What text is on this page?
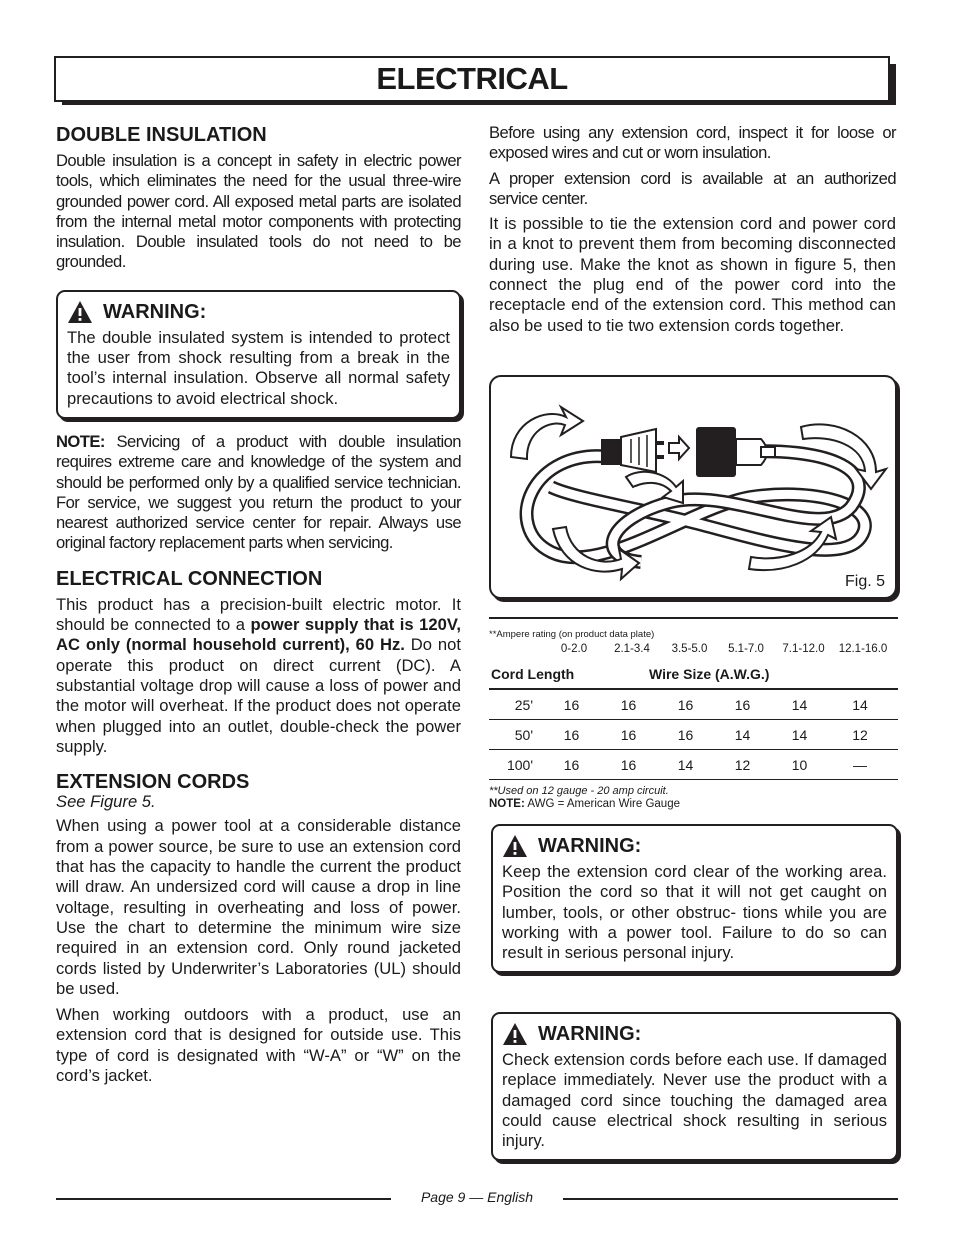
ELECTRICAL
DOUBLE INSULATION

Double insulation is a concept in safety in electric power tools, which eliminates the need for the usual three-wire grounded power cord. All exposed metal parts are isolated from the internal metal motor components with protecting insulation. Double insulated tools do not need to be grounded.

WARNING:

The double insulated system is intended to protect the user from shock resulting from a break in the tool’s internal insulation. Observe all normal safety precautions to avoid electrical shock.

NOTE: Servicing of a product with double insulation requires extreme care and knowledge of the system and should be performed only by a qualified service technician. For service, we suggest you return the product to your nearest authorized service center for repair. Always use original factory replacement parts when servicing.

ELECTRICAL CONNECTION

This product has a precision-built electric motor. It should be connected to a power supply that is 120V, AC only (normal household current), 60 Hz. Do not operate this product on direct current (DC). A substantial voltage drop will cause a loss of power and the motor will overheat. If the product does not operate when plugged into an outlet, double-check the power supply.

EXTENSION CORDS

See Figure 5.

When using a power tool at a considerable distance from a power source, be sure to use an extension cord that has the capacity to handle the current the product will draw. An undersized cord will cause a drop in line voltage, resulting in overheating and loss of power. Use the chart to determine the minimum wire size required in an extension cord. Only round jacketed cords listed by Underwriter’s Laboratories (UL) should be used.

When working outdoors with a product, use an extension cord that is designed for outside use. This type of cord is designated with “W-A” or “W” on the cord’s jacket.

Before using any extension cord, inspect it for loose or exposed wires and cut or worn insulation.

A proper extension cord is available at an authorized service center.

It is possible to tie the extension cord and power cord in a knot to prevent them from becoming disconnected during use. Make the knot as shown in figure 5, then connect the plug end of the power cord into the receptacle end of the extension cord. This method can also be used to tie two extension cords together.

Fig. 5
**Ampere rating (on product data plate)
0-2.0	2.1-3.4	3.5-5.0	5.1-7.0	7.1-12.0	12.1-16.0
Cord Length	Wire Size (A.W.G.)
25'	16	16	16	16	14	14
50'	16	16	16	14	14	12
100'	16	16	14	12	10	—
**Used on 12 gauge - 20 amp circuit.
NOTE: AWG = American Wire Gauge
WARNING:

Keep the extension cord clear of the working area. Position the cord so that it will not get caught on lumber, tools, or other obstruc- tions while you are working with a power tool. Failure to do so can result in serious personal injury.

WARNING:

Check extension cords before each use. If damaged replace immediately. Never use the product with a damaged cord since touching the damaged area could cause electrical shock resulting in serious injury.

Page 9 — English
